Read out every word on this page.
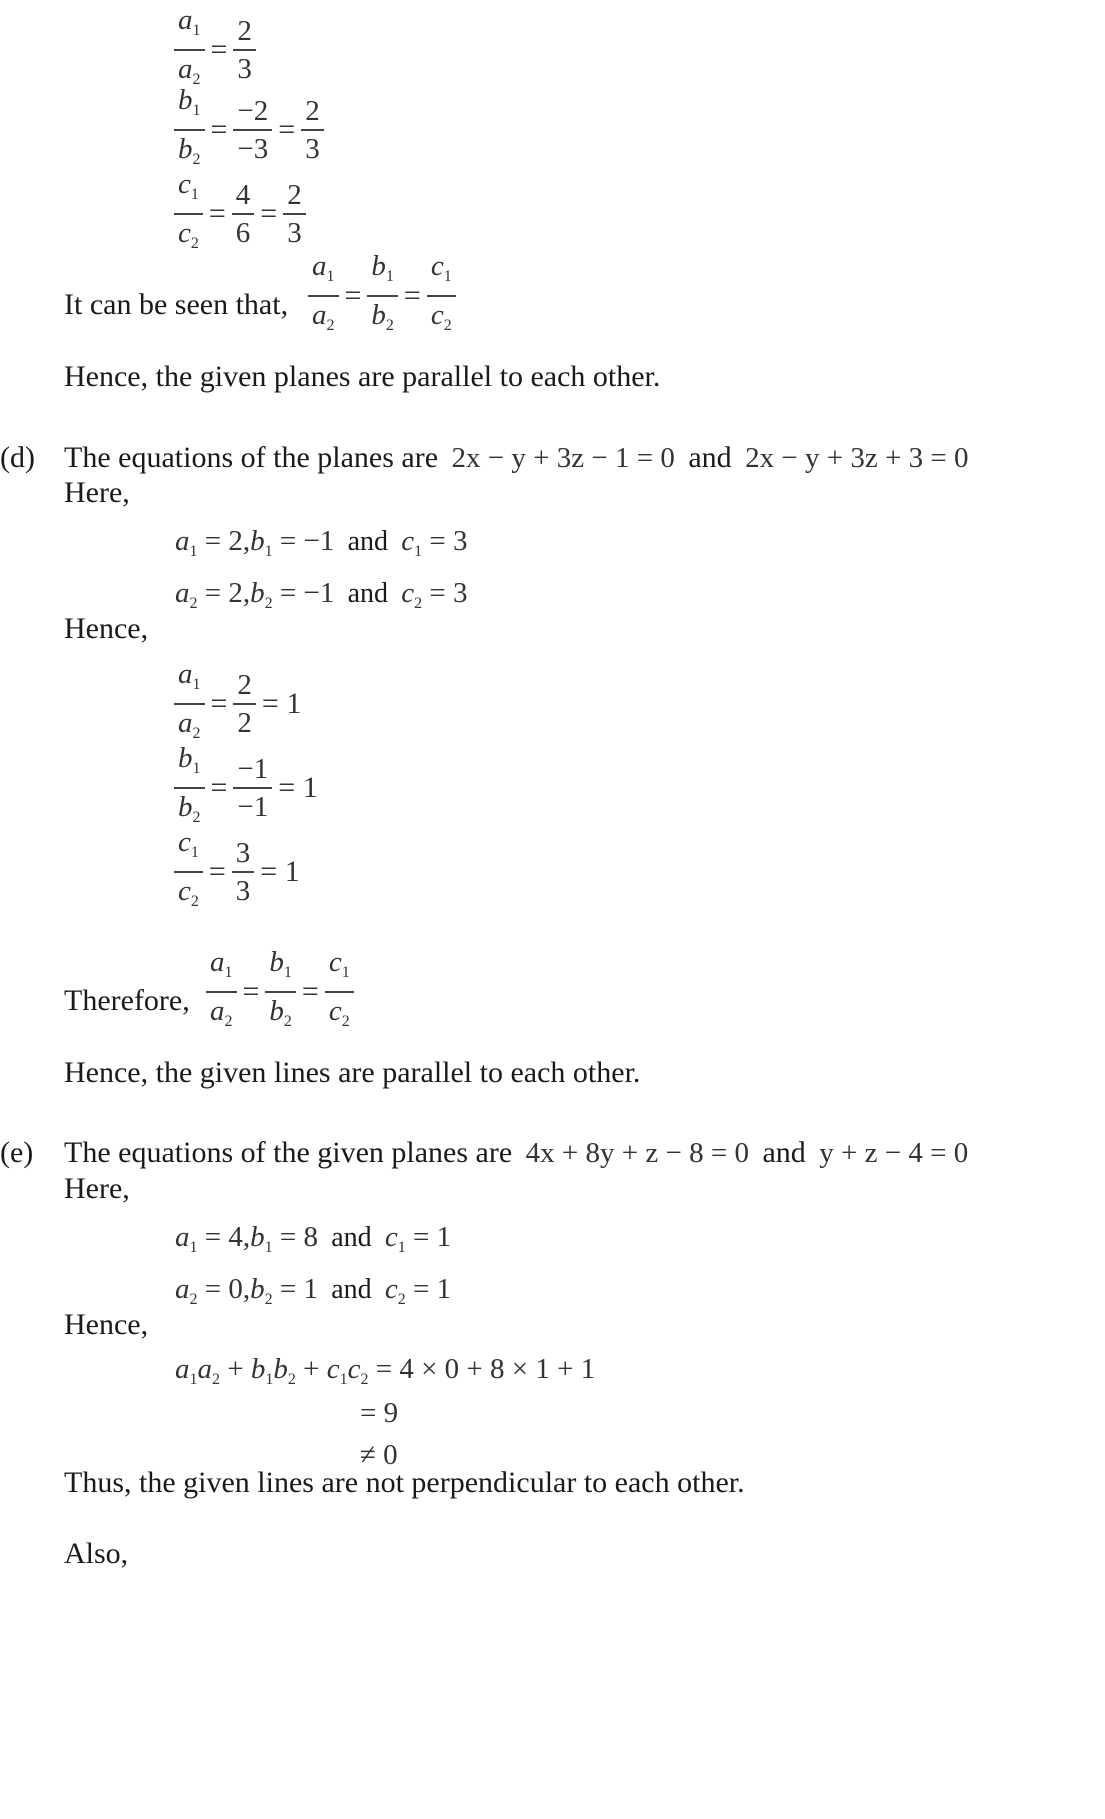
$\frac{a_1}{a_2} = \frac{2}{3}$
$\frac{b_1}{b_2} = \frac{-2}{-3} = \frac{2}{3}$
$\frac{c_1}{c_2} = \frac{4}{6} = \frac{2}{3}$
It can be seen that, $\frac{a_1}{a_2} = \frac{b_1}{b_2} = \frac{c_1}{c_2}$
Hence, the given planes are parallel to each other.
(d) The equations of the planes are 2x − y + 3z − 1 = 0 and 2x − y + 3z + 3 = 0
Here,
$a_1 = 2,b_1 = -1$ and $c_1 = 3$
$a_2 = 2,b_2 = -1$ and $c_2 = 3$
Hence,
$\frac{a_1}{a_2} = \frac{2}{2} = 1$
$\frac{b_1}{b_2} = \frac{-1}{-1} = 1$
$\frac{c_1}{c_2} = \frac{3}{3} = 1$
Therefore, $\frac{a_1}{a_2} = \frac{b_1}{b_2} = \frac{c_1}{c_2}$
Hence, the given lines are parallel to each other.
(e) The equations of the given planes are 4x + 8y + z − 8 = 0 and y + z − 4 = 0
Here,
$a_1 = 4,b_1 = 8$ and $c_1 = 1$
$a_2 = 0,b_2 = 1$ and $c_2 = 1$
Hence,
$a_1a_2 + b_1b_2 + c_1c_2 = 4 \times 0 + 8 \times 1 + 1$
= 9
≠ 0
Thus, the given lines are not perpendicular to each other.
Also,
